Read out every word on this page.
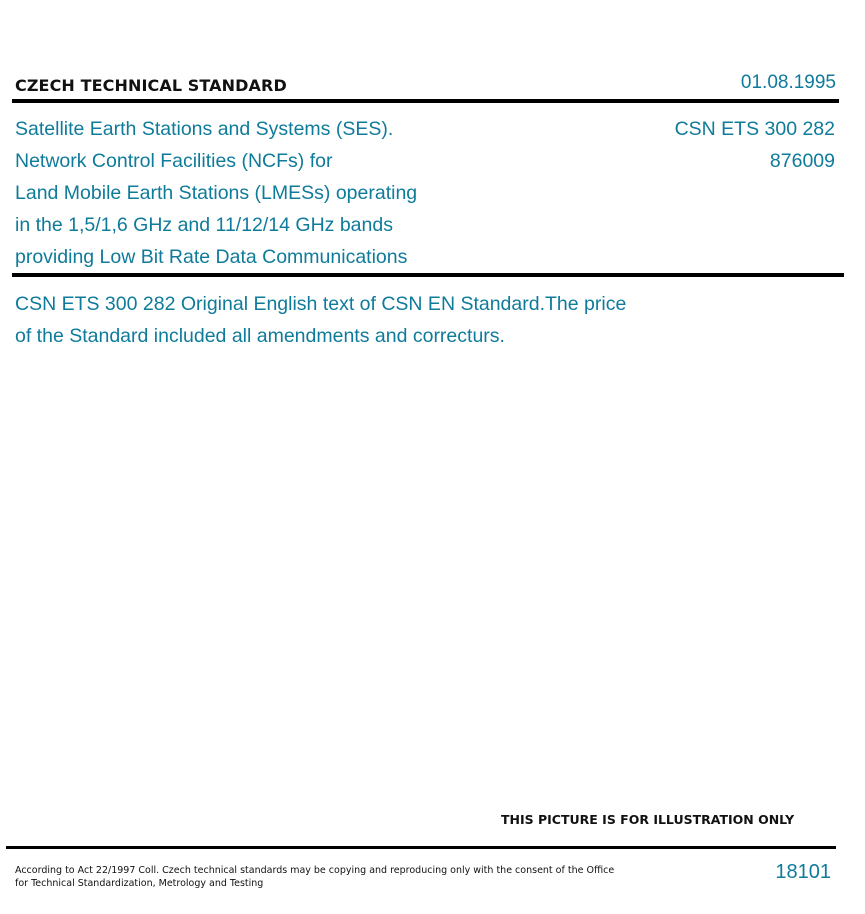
CZECH TECHNICAL STANDARD	01.08.1995
Satellite Earth Stations and Systems (SES).
Network Control Facilities (NCFs) for
Land Mobile Earth Stations (LMESs) operating
in the 1,5/1,6 GHz and 11/12/14 GHz bands
providing Low Bit Rate Data Communications
CSN ETS 300 282
876009
CSN ETS 300 282 Original English text of CSN EN Standard.The price
of the Standard included all amendments and correcturs.
THIS PICTURE IS FOR ILLUSTRATION ONLY
According to Act 22/1997 Coll. Czech technical standards may be copying and reproducing only with the consent of the Office
for Technical Standardization, Metrology and Testing
18101
